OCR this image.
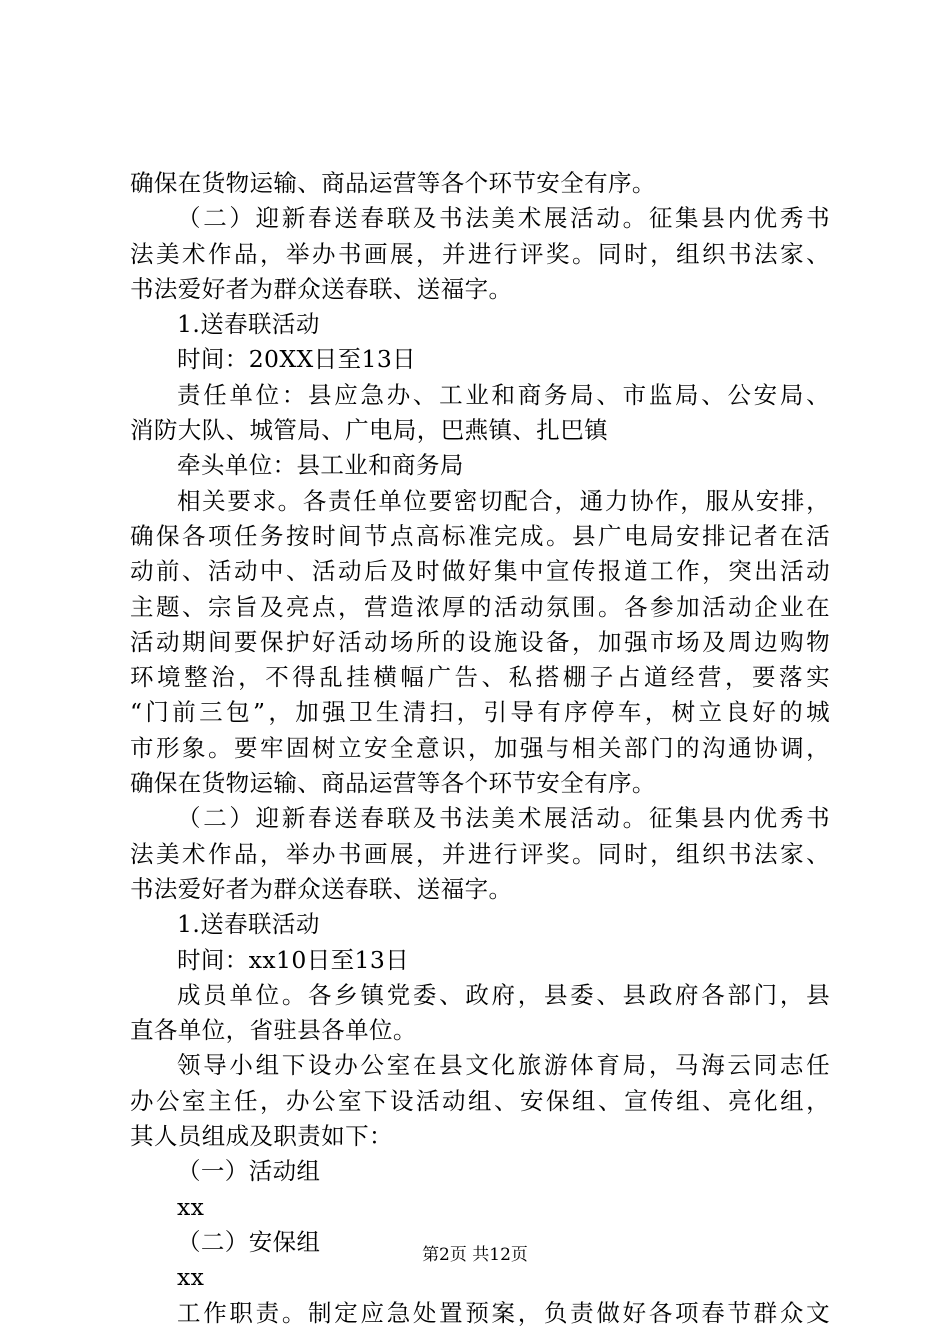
确保在货物运输、商品运营等各个环节安全有序。
（二）迎新春送春联及书法美术展活动。征集县内优秀书
法美术作品，举办书画展，并进行评奖。同时，组织书法家、
书法爱好者为群众送春联、送福字。
1.送春联活动
时间：20XX日至13日
责任单位：县应急办、工业和商务局、市监局、公安局、
消防大队、城管局、广电局，巴燕镇、扎巴镇
牵头单位：县工业和商务局
相关要求。各责任单位要密切配合，通力协作，服从安排，
确保各项任务按时间节点高标准完成。县广电局安排记者在活
动前、活动中、活动后及时做好集中宣传报道工作，突出活动
主题、宗旨及亮点，营造浓厚的活动氛围。各参加活动企业在
活动期间要保护好活动场所的设施设备，加强市场及周边购物
环境整治，不得乱挂横幅广告、私搭棚子占道经营，要落实
“门前三包”，加强卫生清扫，引导有序停车，树立良好的城
市形象。要牢固树立安全意识，加强与相关部门的沟通协调，
确保在货物运输、商品运营等各个环节安全有序。
（二）迎新春送春联及书法美术展活动。征集县内优秀书
法美术作品，举办书画展，并进行评奖。同时，组织书法家、
书法爱好者为群众送春联、送福字。
1.送春联活动
时间：xx10日至13日
成员单位。各乡镇党委、政府，县委、县政府各部门，县
直各单位，省驻县各单位。
领导小组下设办公室在县文化旅游体育局，马海云同志任
办公室主任，办公室下设活动组、安保组、宣传组、亮化组，
其人员组成及职责如下：
（一）活动组
xx
（二）安保组
xx
工作职责。制定应急处置预案，负责做好各项春节群众文
第2页 共12页
